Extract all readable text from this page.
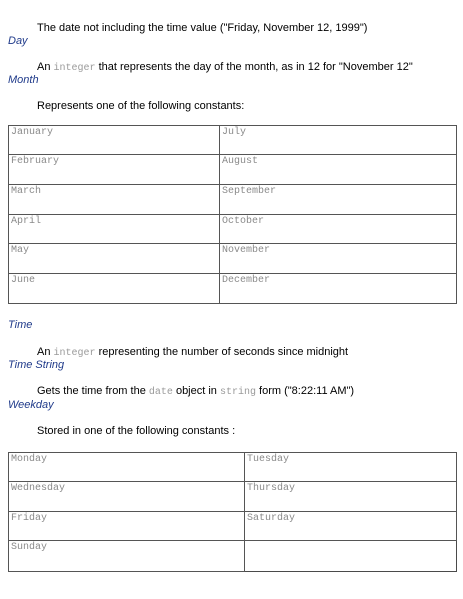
The date not including the time value ("Friday, November 12, 1999")
Day
An integer that represents the day of the month, as in 12 for "November 12"
Month
Represents one of the following constants:
January	July
February	August
March	September
April	October
May	November
June	December
Time
An integer representing the number of seconds since midnight
Time String
Gets the time from the date object in string form ("8:22:11 AM")
Weekday
Stored in one of the following constants :
Monday	Tuesday
Wednesday	Thursday
Friday	Saturday
Sunday	
